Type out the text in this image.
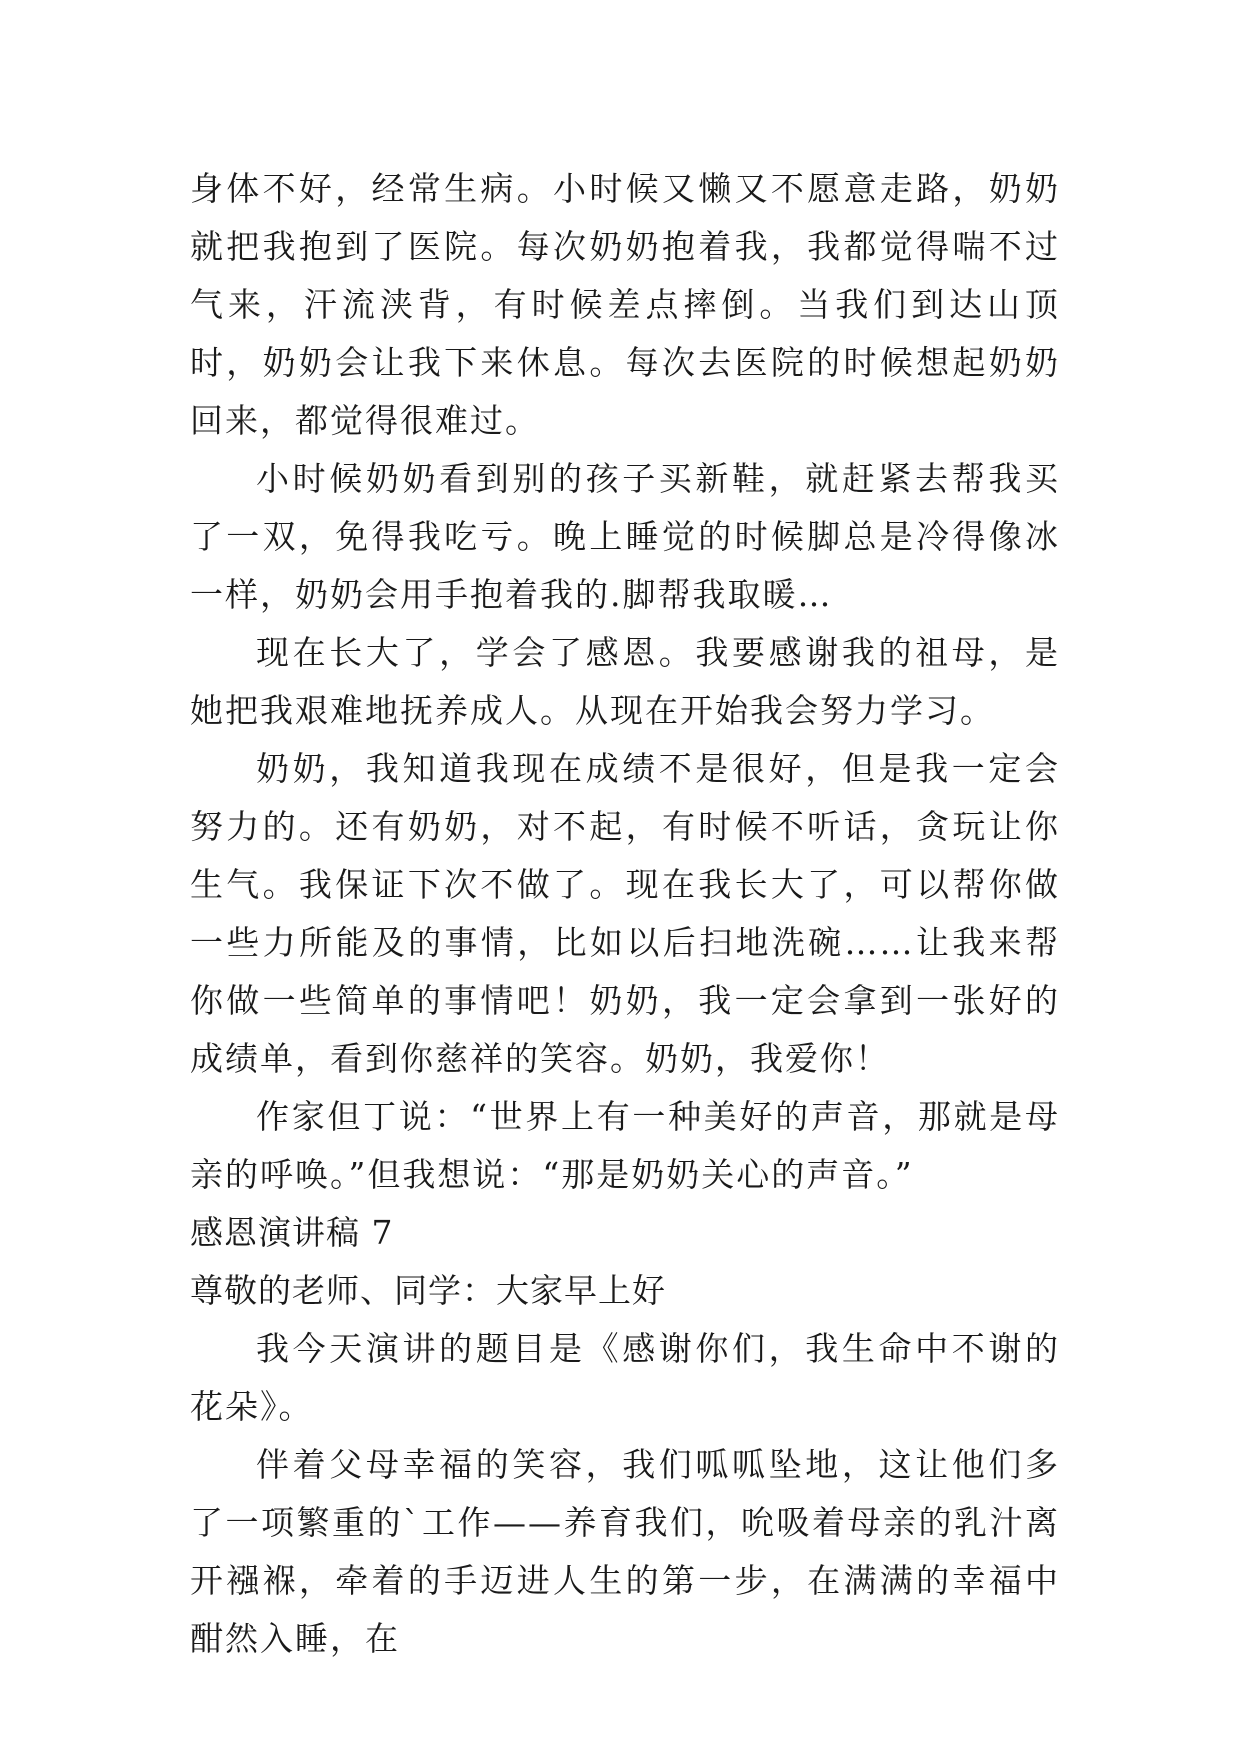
身体不好，经常生病。小时候又懒又不愿意走路，奶奶就把我抱到了医院。每次奶奶抱着我，我都觉得喘不过气来，汗流浃背，有时候差点摔倒。当我们到达山顶时，奶奶会让我下来休息。每次去医院的时候想起奶奶回来，都觉得很难过。

小时候奶奶看到别的孩子买新鞋，就赶紧去帮我买了一双，免得我吃亏。晚上睡觉的时候脚总是冷得像冰一样，奶奶会用手抱着我的.脚帮我取暖…

现在长大了，学会了感恩。我要感谢我的祖母，是她把我艰难地抚养成人。从现在开始我会努力学习。

奶奶，我知道我现在成绩不是很好，但是我一定会努力的。还有奶奶，对不起，有时候不听话，贪玩让你生气。我保证下次不做了。现在我长大了，可以帮你做一些力所能及的事情，比如以后扫地洗碗……让我来帮你做一些简单的事情吧！奶奶，我一定会拿到一张好的成绩单，看到你慈祥的笑容。奶奶，我爱你！

作家但丁说：“世界上有一种美好的声音，那就是母亲的呼唤。”但我想说：“那是奶奶关心的声音。”

感恩演讲稿 7

尊敬的老师、同学：大家早上好

我今天演讲的题目是《感谢你们，我生命中不谢的花朵》。

伴着父母幸福的笑容，我们呱呱坠地，这让他们多了一项繁重的`工作——养育我们，吮吸着母亲的乳汁离开襁褓，牵着的手迈进人生的第一步，在满满的幸福中酣然入睡，在
